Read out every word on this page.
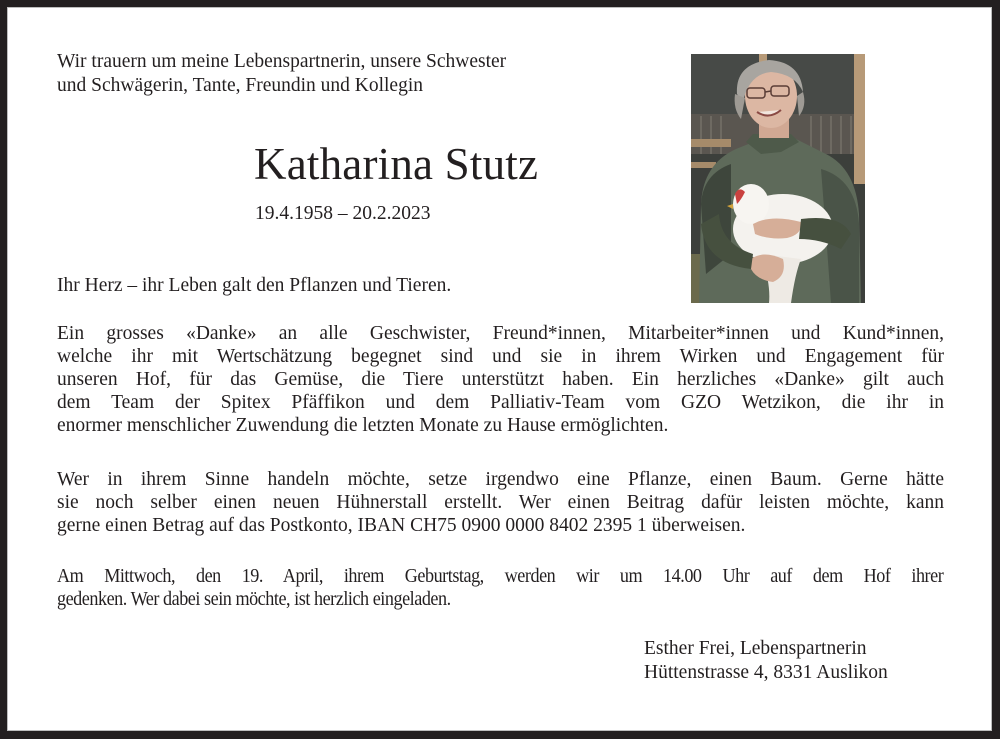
Wir trauern um meine Lebenspartnerin, unsere Schwester
und Schwägerin, Tante, Freundin und Kollegin

Katharina Stutz
19.4.1958 – 20.2.2023

Ihr Herz – ihr Leben galt den Pflanzen und Tieren.

Ein grosses «Danke» an alle Geschwister, Freund*innen, Mitarbeiter*innen und Kund*innen,
welche ihr mit Wertschätzung begegnet sind und sie in ihrem Wirken und Engagement für
unseren Hof, für das Gemüse, die Tiere unterstützt haben. Ein herzliches «Danke» gilt auch
dem Team der Spitex Pfäffikon und dem Palliativ-Team vom GZO Wetzikon, die ihr in
enormer menschlicher Zuwendung die letzten Monate zu Hause ermöglichten.

Wer in ihrem Sinne handeln möchte, setze irgendwo eine Pflanze, einen Baum. Gerne hätte
sie noch selber einen neuen Hühnerstall erstellt. Wer einen Beitrag dafür leisten möchte, kann
gerne einen Betrag auf das Postkonto, IBAN CH75 0900 0000 8402 2395 1 überweisen.

Am Mittwoch, den 19. April, ihrem Geburtstag, werden wir um 14.00 Uhr auf dem Hof ihrer
gedenken. Wer dabei sein möchte, ist herzlich eingeladen.

Esther Frei, Lebenspartnerin
Hüttenstrasse 4, 8331 Auslikon
